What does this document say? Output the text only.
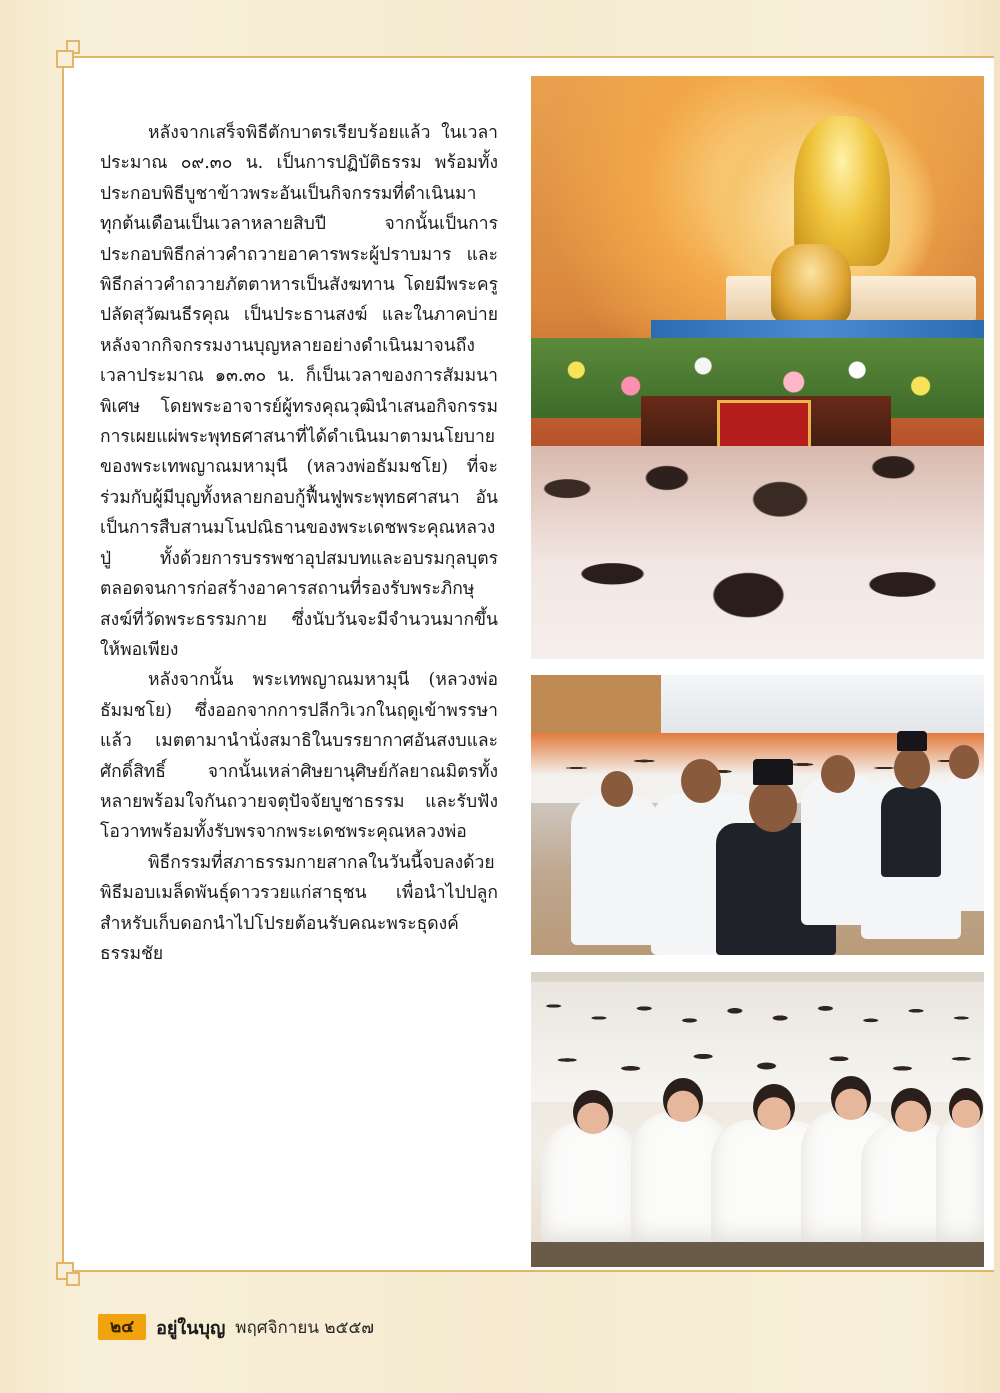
หลังจากเสร็จพิธีตักบาตรเรียบร้อยแล้ว ในเวลาประมาณ ๐๙.๓๐ น. เป็นการปฏิบัติธรรม พร้อมทั้งประกอบพิธีบูชาข้าวพระอันเป็นกิจกรรมที่ดำเนินมาทุกต้นเดือนเป็นเวลาหลายสิบปี จากนั้นเป็นการประกอบพิธีกล่าวคำถวายอาคารพระผู้ปราบมาร และพิธีกล่าวคำถวายภัตตาหารเป็นสังฆทาน โดยมีพระครูปลัดสุวัฒนธีรคุณ เป็นประธานสงฆ์ และในภาคบ่าย หลังจากกิจกรรมงานบุญหลายอย่างดำเนินมาจนถึงเวลาประมาณ ๑๓.๓๐ น. ก็เป็นเวลาของการสัมมนาพิเศษ โดยพระอาจารย์ผู้ทรงคุณวุฒินำเสนอกิจกรรมการเผยแผ่พระพุทธศาสนาที่ได้ดำเนินมาตามนโยบายของพระเทพญาณมหามุนี (หลวงพ่อธัมมชโย) ที่จะร่วมกับผู้มีบุญทั้งหลายกอบกู้ฟื้นฟูพระพุทธศาสนา อันเป็นการสืบสานมโนปณิธานของพระเดชพระคุณหลวงปู่ ทั้งด้วยการบรรพชาอุปสมบทและอบรมกุลบุตร ตลอดจนการก่อสร้างอาคารสถานที่รองรับพระภิกษุสงฆ์ที่วัดพระธรรมกาย ซึ่งนับวันจะมีจำนวนมากขึ้นให้พอเพียง

หลังจากนั้น พระเทพญาณมหามุนี (หลวงพ่อธัมมชโย) ซึ่งออกจากการปลีกวิเวกในฤดูเข้าพรรษาแล้ว เมตตามานำนั่งสมาธิในบรรยากาศอันสงบและศักดิ์สิทธิ์ จากนั้นเหล่าศิษยานุศิษย์กัลยาณมิตรทั้งหลายพร้อมใจกันถวายจตุปัจจัยบูชาธรรม และรับฟังโอวาทพร้อมทั้งรับพรจากพระเดชพระคุณหลวงพ่อ

พิธีกรรมที่สภาธรรมกายสากลในวันนี้จบลงด้วยพิธีมอบเมล็ดพันธุ์ดาวรวยแก่สาธุชน เพื่อนำไปปลูกสำหรับเก็บดอกนำไปโปรยต้อนรับคณะพระธุดงค์ธรรมชัย

๒๔	อยู่ในบุญ พฤศจิกายน ๒๕๕๗
